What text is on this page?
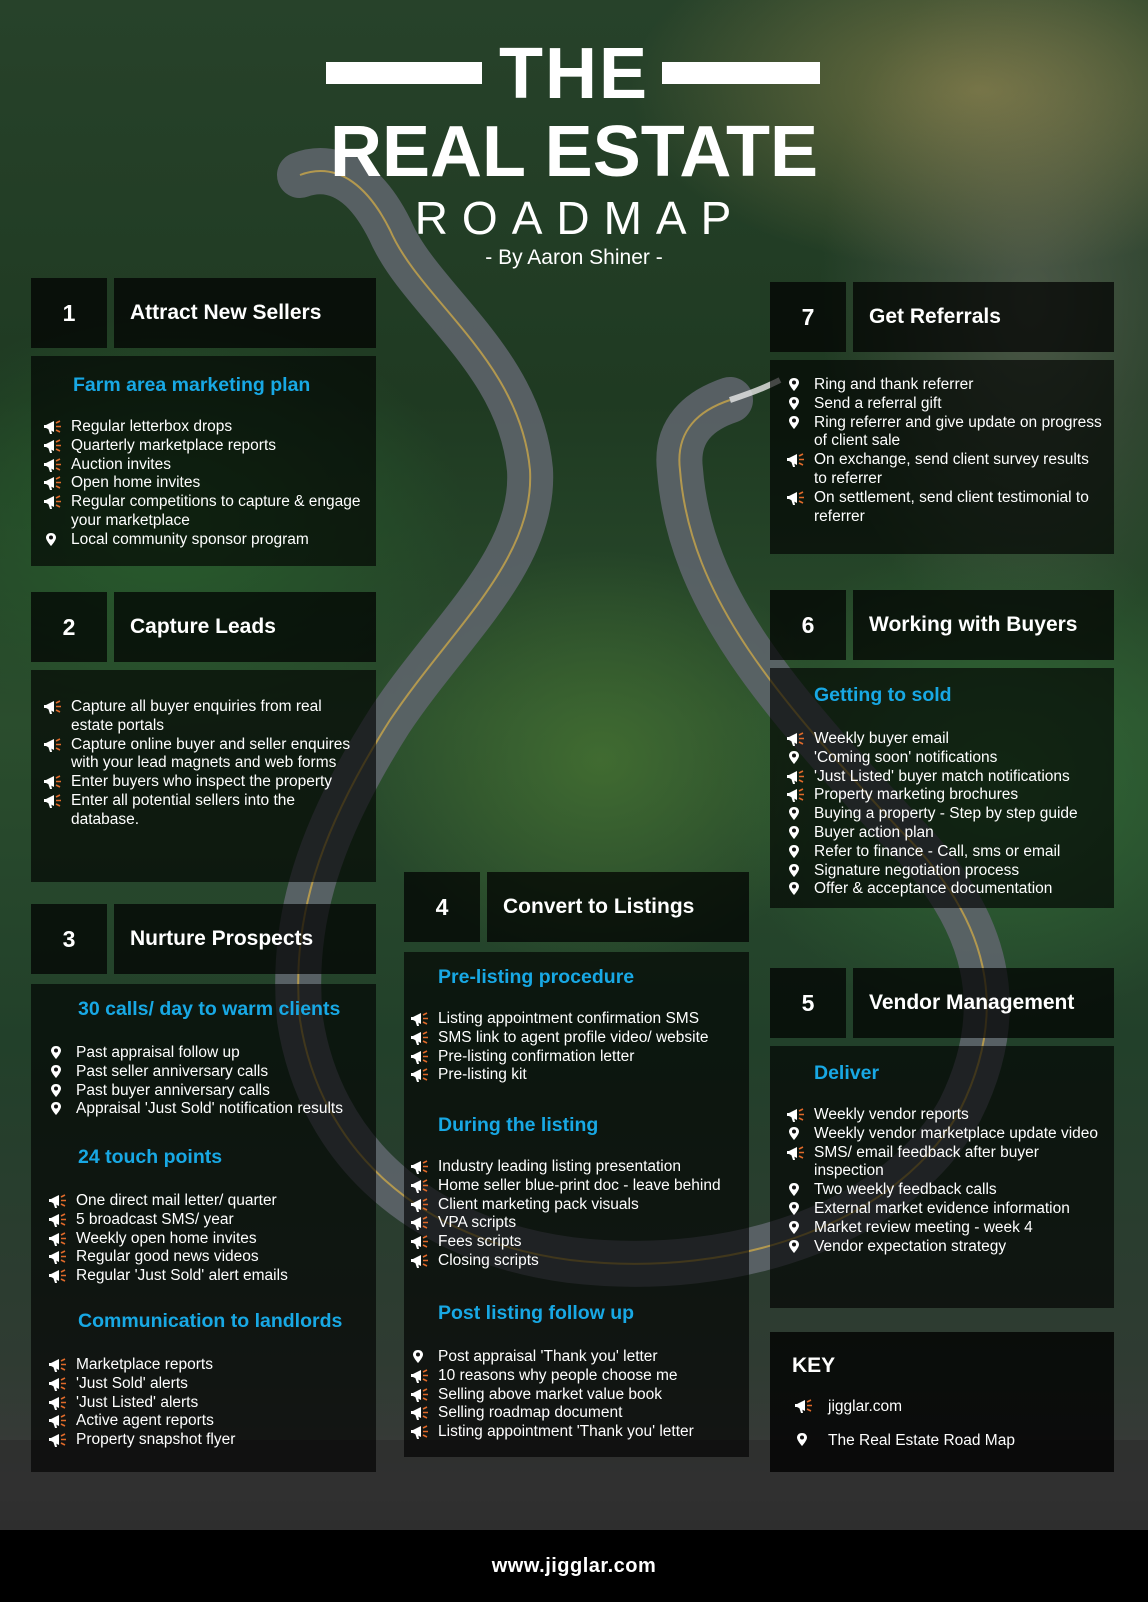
THE
REAL ESTATE
ROADMAP
- By Aaron Shiner -
1	Attract New Sellers
Farm area marketing plan
Regular letterbox drops
Quarterly marketplace reports
Auction invites
Open home invites
Regular competitions to capture & engage your marketplace
Local community sponsor program
2	Capture Leads
Capture all buyer enquiries from real estate portals
Capture online buyer and seller enquires with your lead magnets and web forms
Enter buyers who inspect the property
Enter all potential sellers into the database.
3	Nurture Prospects
30 calls/ day to warm clients
Past appraisal follow up
Past seller anniversary calls
Past buyer anniversary calls
Appraisal 'Just Sold' notification results
24 touch points
One direct mail letter/ quarter
5 broadcast SMS/ year
Weekly open home invites
Regular good news videos
Regular 'Just Sold' alert emails
Communication to landlords
Marketplace reports
'Just Sold' alerts
'Just Listed' alerts
Active agent reports
Property snapshot flyer
4	Convert to Listings
Pre-listing procedure
Listing appointment confirmation SMS
SMS link to agent profile video/ website
Pre-listing confirmation letter
Pre-listing kit
During the listing
Industry leading listing presentation
Home seller blue-print doc - leave behind
Client marketing pack visuals
VPA scripts
Fees scripts
Closing scripts
Post listing follow up
Post appraisal 'Thank you' letter
10 reasons why people choose me
Selling above market value book
Selling roadmap document
Listing appointment 'Thank you' letter
7	Get Referrals
Ring and thank referrer
Send a referral gift
Ring referrer and give update on progress of client sale
On exchange, send client survey results to referrer
On settlement, send client testimonial to referrer
6	Working with Buyers
Getting to sold
Weekly buyer email
'Coming soon' notifications
'Just Listed' buyer match notifications
Property marketing brochures
Buying a property - Step by step guide
Buyer action plan
Refer to finance - Call, sms or email
Signature negotiation process
Offer & acceptance documentation
5	Vendor Management
Deliver
Weekly vendor reports
Weekly vendor marketplace update video
SMS/ email feedback after buyer inspection
Two weekly feedback calls
External market evidence information
Market review meeting - week 4
Vendor expectation strategy
KEY
jigglar.com
The Real Estate Road Map
www.jigglar.com
